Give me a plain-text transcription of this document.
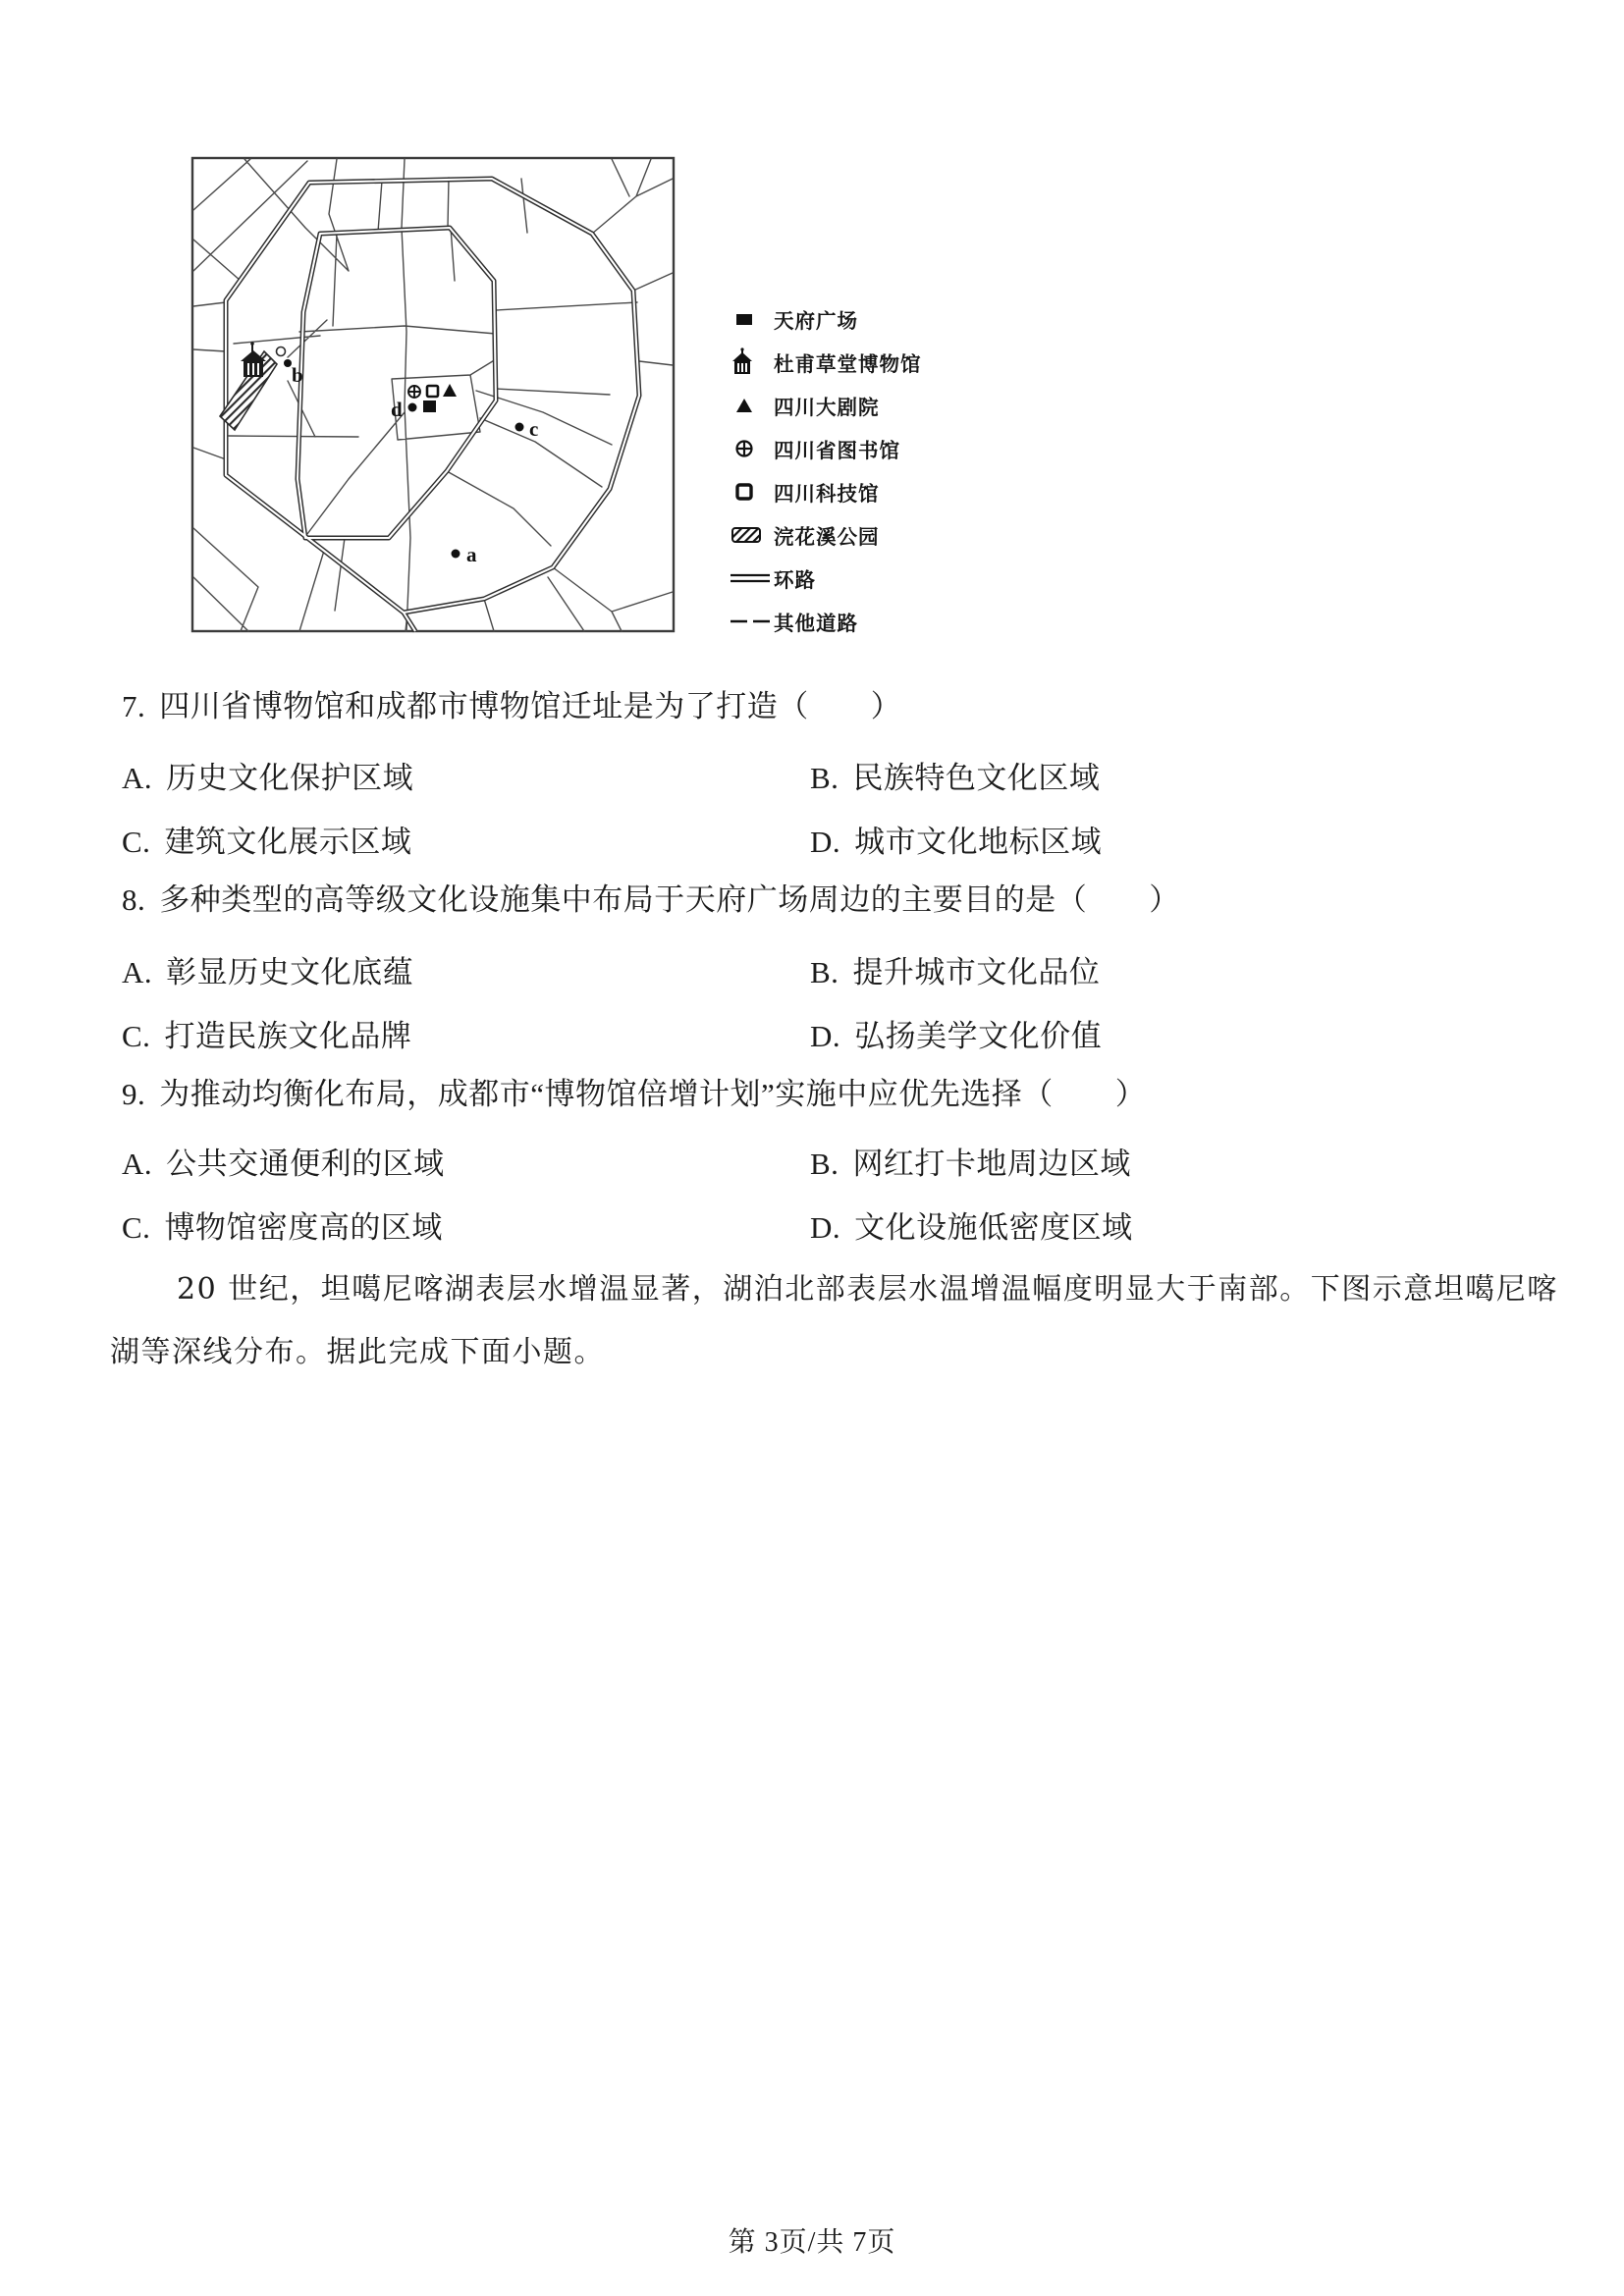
a
b
c
d
天府广场
杜甫草堂博物馆
四川大剧院
四川省图书馆
四川科技馆
浣花溪公园
环路
其他道路
7. 四川省博物馆和成都市博物馆迁址是为了打造（　　）
A. 历史文化保护区域	B. 民族特色文化区域
C. 建筑文化展示区域	D. 城市文化地标区域
8. 多种类型的高等级文化设施集中布局于天府广场周边的主要目的是（　　）
A. 彰显历史文化底蕴	B. 提升城市文化品位
C. 打造民族文化品牌	D. 弘扬美学文化价值
9. 为推动均衡化布局，成都市“博物馆倍增计划”实施中应优先选择（　　）
A. 公共交通便利的区域	B. 网红打卡地周边区域
C. 博物馆密度高的区域	D. 文化设施低密度区域
20 世纪，坦噶尼喀湖表层水增温显著，湖泊北部表层水温增温幅度明显大于南部。下图示意坦噶尼喀
湖等深线分布。据此完成下面小题。
第 3页/共 7页
